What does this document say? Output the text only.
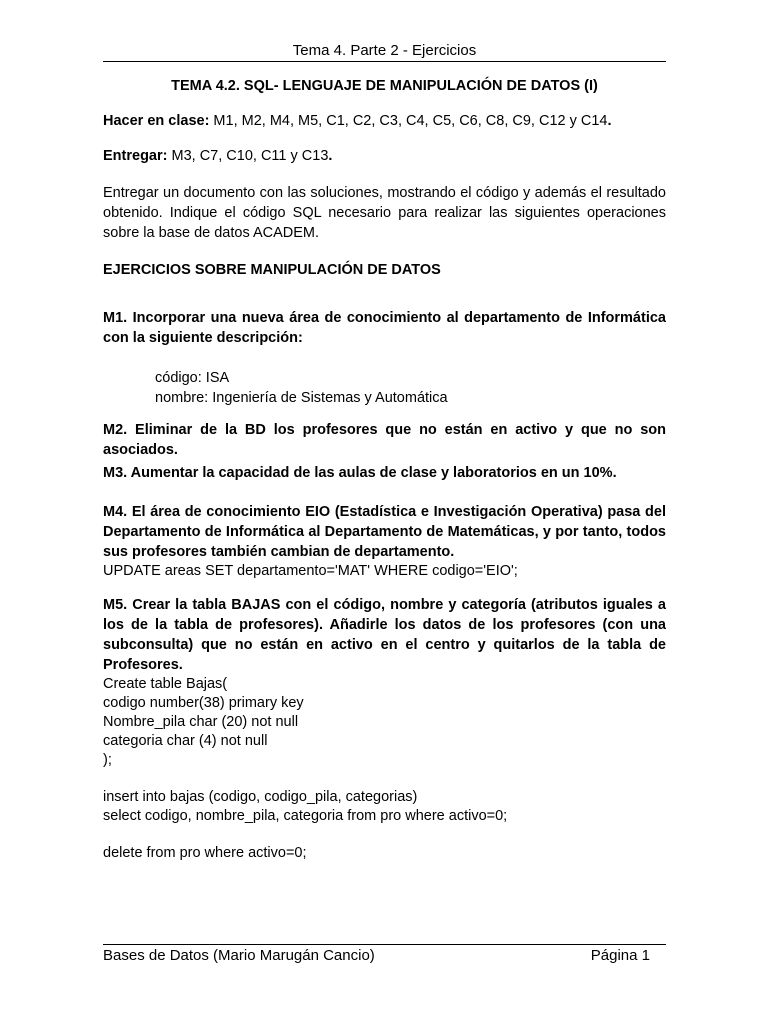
Tema 4. Parte 2 - Ejercicios
TEMA 4.2. SQL- LENGUAJE DE MANIPULACIÓN DE DATOS (I)
Hacer en clase: M1, M2, M4, M5, C1, C2, C3, C4, C5, C6, C8, C9, C12 y C14.
Entregar: M3, C7, C10, C11 y C13.
Entregar un documento con las soluciones, mostrando el código y además el resultado obtenido. Indique el código SQL necesario para realizar las siguientes operaciones sobre la base de datos ACADEM.
EJERCICIOS SOBRE MANIPULACIÓN DE DATOS
M1. Incorporar una nueva área de conocimiento al departamento de Informática con la siguiente descripción:
código: ISA
nombre: Ingeniería de Sistemas y Automática
M2. Eliminar de la BD los profesores que no están en activo y que no son asociados.
M3. Aumentar la capacidad de las aulas de clase y laboratorios en un 10%.
M4. El área de conocimiento EIO (Estadística e Investigación Operativa) pasa del Departamento de Informática al Departamento de Matemáticas, y por tanto, todos sus profesores también cambian de departamento.
UPDATE areas SET departamento='MAT' WHERE codigo='EIO';
M5. Crear la tabla BAJAS con el código, nombre y categoría (atributos iguales a los de la tabla de profesores). Añadirle los datos de los profesores (con una subconsulta) que no están en activo en el centro y quitarlos de la tabla de Profesores.
Create table Bajas(
codigo number(38) primary key
Nombre_pila char (20) not null
categoria char (4) not null
);
insert into bajas (codigo, codigo_pila, categorias)
select codigo, nombre_pila, categoria from pro where activo=0;
delete from pro where activo=0;
Bases de Datos (Mario Marugán Cancio)	Página 1
